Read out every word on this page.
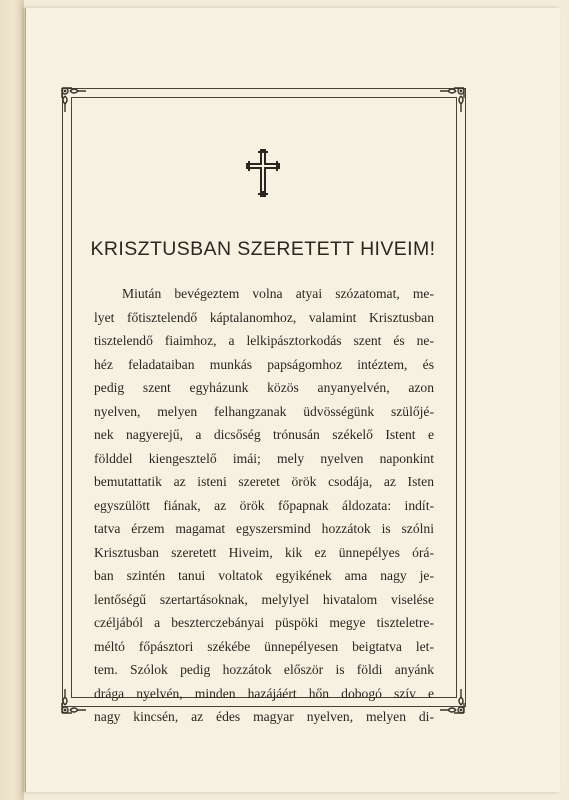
KRISZTUSBAN SZERETETT HIVEIM!
Miután bevégeztem volna atyai szózatomat, me-
lyet főtisztelendő káptalanomhoz, valamint Krisztusban
tisztelendő fiaimhoz, a lelkipásztorkodás szent és ne-
héz feladataiban munkás papságomhoz intéztem, és
pedig szent egyházunk közös anyanyelvén, azon
nyelven, melyen felhangzanak üdvösségünk szülőjé-
nek nagyerejű, a dicsőség trónusán székelő Istent e
földdel kiengesztelő imái; mely nyelven naponkint
bemutattatik az isteni szeretet örök csodája, az Isten
egyszülött fiának, az örök főpapnak áldozata: indít-
tatva érzem magamat egyszersmind hozzátok is szólni
Krisztusban szeretett Hiveim, kik ez ünnepélyes órá-
ban szintén tanui voltatok egyikének ama nagy je-
lentőségű szertartásoknak, melylyel hivatalom viselése
czéljából a beszterczebányai püspöki megye tiszteletre-
méltó főpásztori székébe ünnepélyesen beigtatva let-
tem. Szólok pedig hozzátok először is földi anyánk
drága nyelvén, minden hazájáért hőn dobogó szív e
nagy kincsén, az édes magyar nyelven, melyen di-
